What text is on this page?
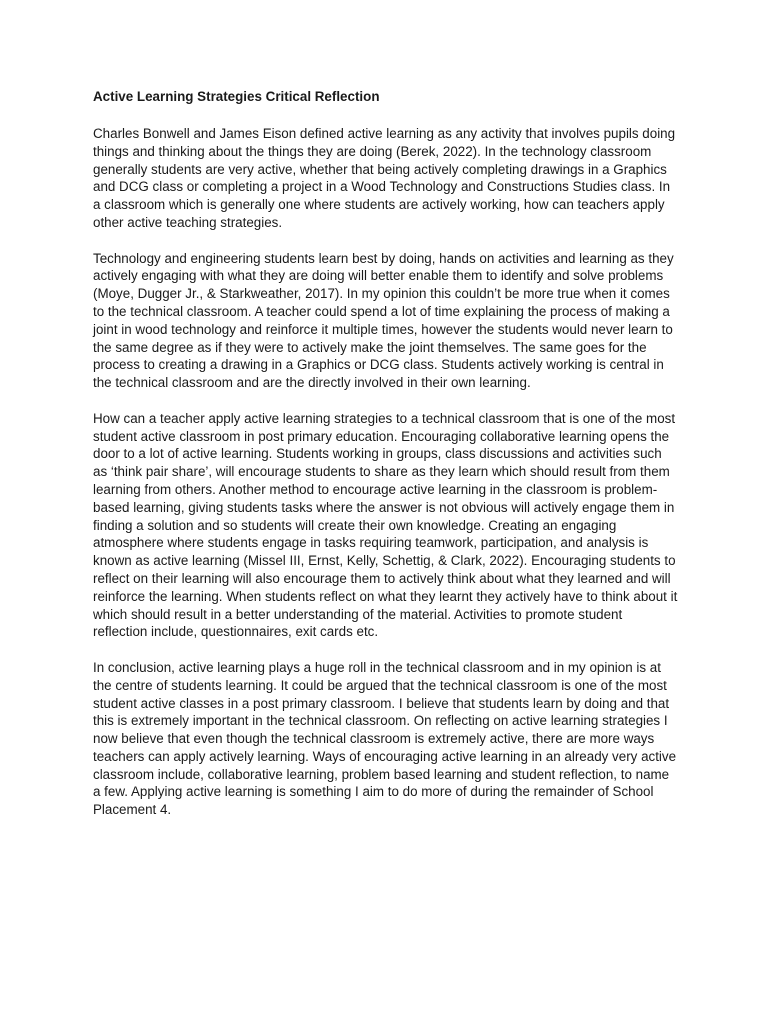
Active Learning Strategies Critical Reflection

Charles Bonwell and James Eison defined active learning as any activity that involves pupils doing things and thinking about the things they are doing (Berek, 2022). In the technology classroom generally students are very active, whether that being actively completing drawings in a Graphics and DCG class or completing a project in a Wood Technology and Constructions Studies class. In a classroom which is generally one where students are actively working, how can teachers apply other active teaching strategies.

Technology and engineering students learn best by doing, hands on activities and learning as they actively engaging with what they are doing will better enable them to identify and solve problems (Moye, Dugger Jr., & Starkweather, 2017). In my opinion this couldn’t be more true when it comes to the technical classroom. A teacher could spend a lot of time explaining the process of making a joint in wood technology and reinforce it multiple times, however the students would never learn to the same degree as if they were to actively make the joint themselves. The same goes for the process to creating a drawing in a Graphics or DCG class. Students actively working is central in the technical classroom and are the directly involved in their own learning.

How can a teacher apply active learning strategies to a technical classroom that is one of the most student active classroom in post primary education. Encouraging collaborative learning opens the door to a lot of active learning. Students working in groups, class discussions and activities such as ‘think pair share’, will encourage students to share as they learn which should result from them learning from others. Another method to encourage active learning in the classroom is problem-based learning, giving students tasks where the answer is not obvious will actively engage them in finding a solution and so students will create their own knowledge. Creating an engaging atmosphere where students engage in tasks requiring teamwork, participation, and analysis is known as active learning (Missel III, Ernst, Kelly, Schettig, & Clark, 2022). Encouraging students to reflect on their learning will also encourage them to actively think about what they learned and will reinforce the learning. When students reflect on what they learnt they actively have to think about it which should result in a better understanding of the material. Activities to promote student reflection include, questionnaires, exit cards etc.

In conclusion, active learning plays a huge roll in the technical classroom and in my opinion is at the centre of students learning. It could be argued that the technical classroom is one of the most student active classes in a post primary classroom. I believe that students learn by doing and that this is extremely important in the technical classroom. On reflecting on active learning strategies I now believe that even though the technical classroom is extremely active, there are more ways teachers can apply actively learning. Ways of encouraging active learning in an already very active classroom include, collaborative learning, problem based learning and student reflection, to name a few. Applying active learning is something I aim to do more of during the remainder of School Placement 4.
